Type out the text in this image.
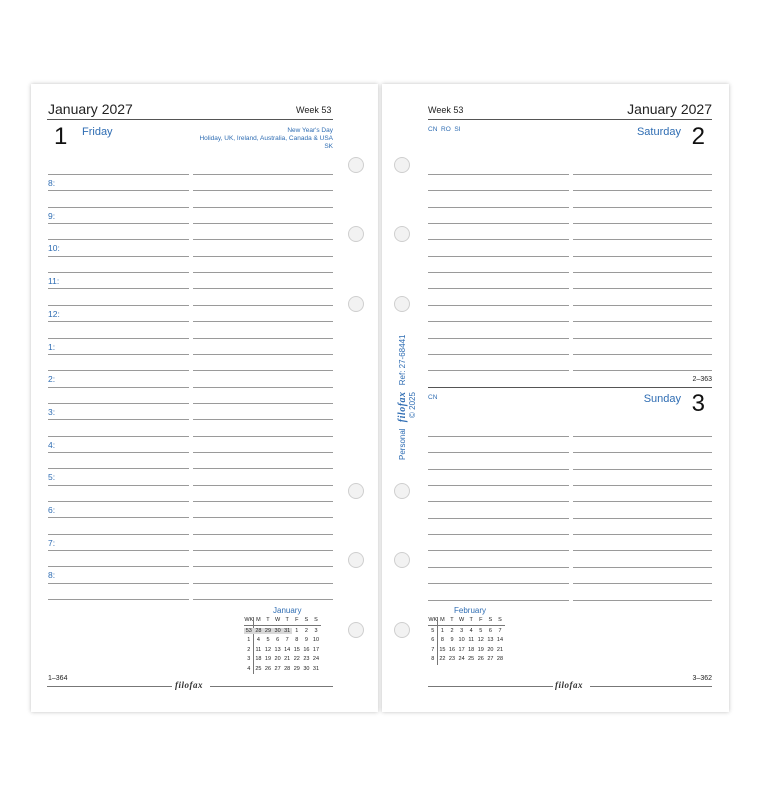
January 2027	Week 53
1 Friday	New Year's Day
Holiday, UK, Ireland, Australia, Canada & USA
SK
8:
9:
10:
11:
12:
1:
2:
3:
4:
5:
6:
7:
8:
January
WK M	T W T	F	S	S
53 28 29 30 31 1	2	3
1	4	5	6	7	8	9 10
2 11 12 13 14 15 16 17
3 18 19 20 21 22 23 24
4 25 26 27 28 29 30 31
1–364
filofax
Week 53	January 2027
CN  RO  SI	Saturday 2
2–363
CN	Sunday 3
February
WK M	T W T	F	S	S
5	1	2	3	4	5	6	7
6	8	9 10 11 12 13 14
7 15 16 17 18 19 20 21
8 22 23 24 25 26 27 28
filofax
3–362
Personal filofax Ref: 27-68441
© 2025
